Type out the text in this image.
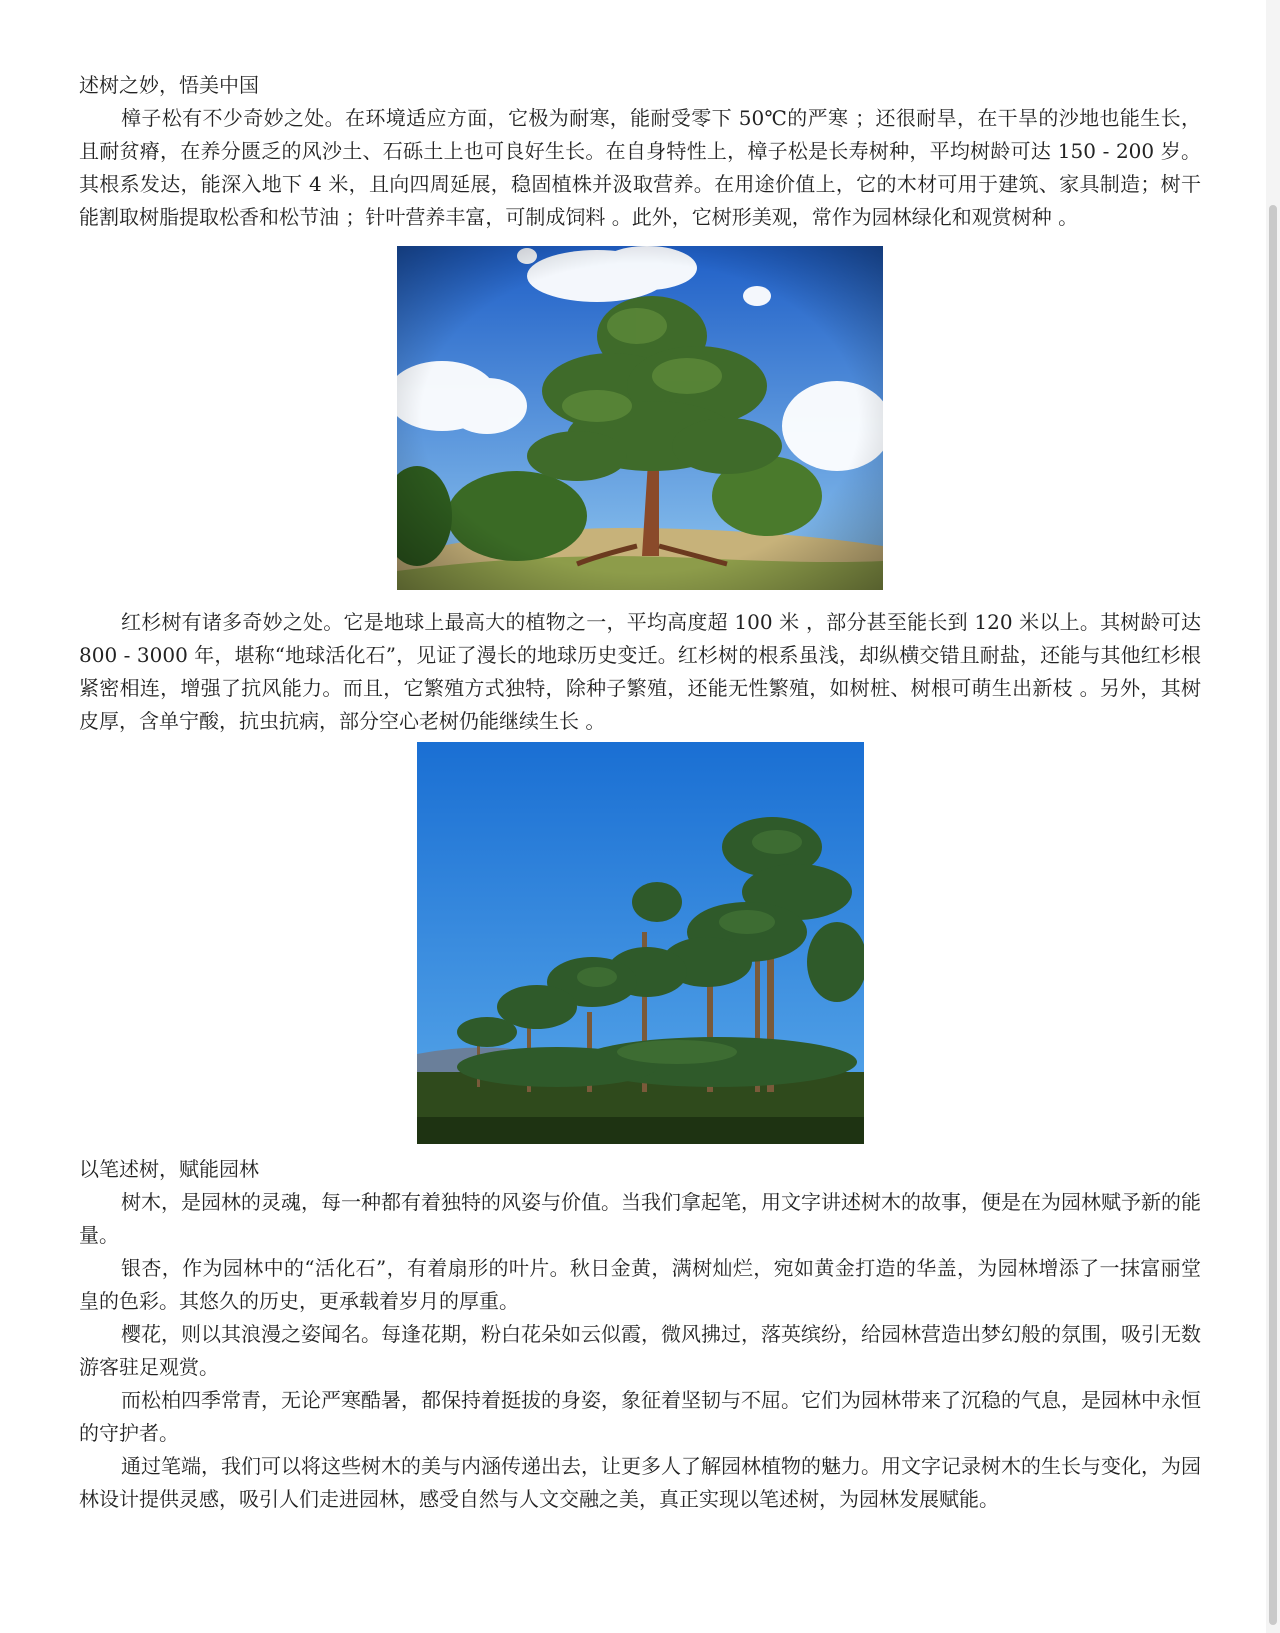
述树之妙，悟美中国

樟子松有不少奇妙之处。在环境适应方面，它极为耐寒，能耐受零下 50℃的严寒 ；还很耐旱，在干旱的沙地也能生长，且耐贫瘠，在养分匮乏的风沙土、石砾土上也可良好生长。在自身特性上，樟子松是长寿树种，平均树龄可达 150 - 200 岁。其根系发达，能深入地下 4 米，且向四周延展，稳固植株并汲取营养。在用途价值上，它的木材可用于建筑、家具制造；树干能割取树脂提取松香和松节油 ；针叶营养丰富，可制成饲料 。此外，它树形美观，常作为园林绿化和观赏树种 。

红杉树有诸多奇妙之处。它是地球上最高大的植物之一，平均高度超 100 米 ，部分甚至能长到 120 米以上。其树龄可达 800 - 3000 年，堪称“地球活化石”，见证了漫长的地球历史变迁。红杉树的根系虽浅，却纵横交错且耐盐，还能与其他红杉根紧密相连，增强了抗风能力。而且，它繁殖方式独特，除种子繁殖，还能无性繁殖，如树桩、树根可萌生出新枝 。另外，其树皮厚，含单宁酸，抗虫抗病，部分空心老树仍能继续生长 。

以笔述树，赋能园林

树木，是园林的灵魂，每一种都有着独特的风姿与价值。当我们拿起笔，用文字讲述树木的故事，便是在为园林赋予新的能量。

银杏，作为园林中的“活化石”，有着扇形的叶片。秋日金黄，满树灿烂，宛如黄金打造的华盖，为园林增添了一抹富丽堂皇的色彩。其悠久的历史，更承载着岁月的厚重。

樱花，则以其浪漫之姿闻名。每逢花期，粉白花朵如云似霞，微风拂过，落英缤纷，给园林营造出梦幻般的氛围，吸引无数游客驻足观赏。

而松柏四季常青，无论严寒酷暑，都保持着挺拔的身姿，象征着坚韧与不屈。它们为园林带来了沉稳的气息，是园林中永恒的守护者。

通过笔端，我们可以将这些树木的美与内涵传递出去，让更多人了解园林植物的魅力。用文字记录树木的生长与变化，为园林设计提供灵感，吸引人们走进园林，感受自然与人文交融之美，真正实现以笔述树，为园林发展赋能。
